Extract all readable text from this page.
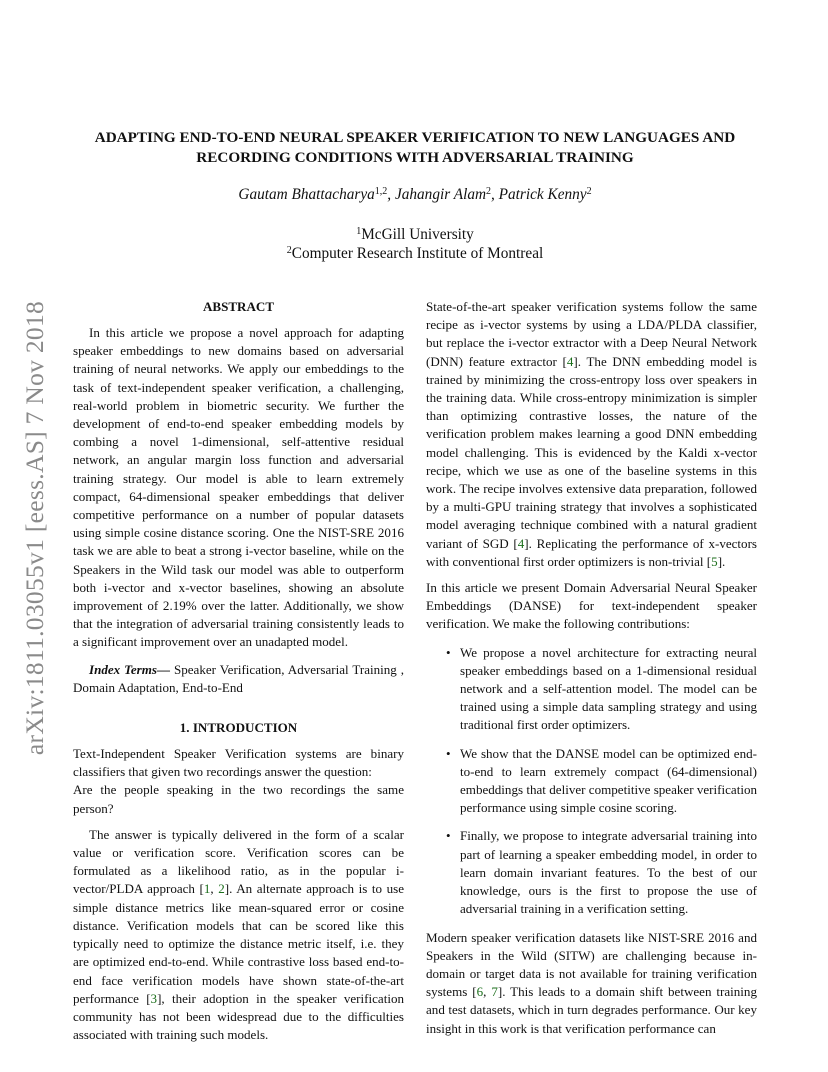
arXiv:1811.03055v1 [eess.AS] 7 Nov 2018
ADAPTING END-TO-END NEURAL SPEAKER VERIFICATION TO NEW LANGUAGES AND
RECORDING CONDITIONS WITH ADVERSARIAL TRAINING

Gautam Bhattacharya$^{1,2}$, Jahangir Alam$^2$, Patrick Kenny$^2$

$^1$McGill University

$^2$Computer Research Institute of Montreal

ABSTRACT

In this article we propose a novel approach for adapting speaker embeddings to new domains based on adversarial training of neural networks. We apply our embeddings to the task of text-independent speaker verification, a challenging, real-world problem in biometric security. We further the development of end-to-end speaker embedding models by combing a novel 1-dimensional, self-attentive residual network, an angular margin loss function and adversarial training strategy. Our model is able to learn extremely compact, 64-dimensional speaker embeddings that deliver competitive performance on a number of popular datasets using simple cosine distance scoring. One the NIST-SRE 2016 task we are able to beat a strong i-vector baseline, while on the Speakers in the Wild task our model was able to outperform both i-vector and x-vector baselines, showing an absolute improvement of 2.19% over the latter. Additionally, we show that the integration of adversarial training consistently leads to a significant improvement over an unadapted model.

Index Terms— Speaker Verification, Adversarial Training , Domain Adaptation, End-to-End

1. INTRODUCTION

Text-Independent Speaker Verification systems are binary classifiers that given two recordings answer the question:
Are the people speaking in the two recordings the same person?

The answer is typically delivered in the form of a scalar value or verification score. Verification scores can be formulated as a likelihood ratio, as in the popular i-vector/PLDA approach [1, 2]. An alternate approach is to use simple distance metrics like mean-squared error or cosine distance. Verification models that can be scored like this typically need to optimize the distance metric itself, i.e. they are optimized end-to-end. While contrastive loss based end-to-end face verification models have shown state-of-the-art performance [3], their adoption in the speaker verification community has not been widespread due to the difficulties associated with training such models.

State-of-the-art speaker verification systems follow the same recipe as i-vector systems by using a LDA/PLDA classifier, but replace the i-vector extractor with a Deep Neural Network (DNN) feature extractor [4]. The DNN embedding model is trained by minimizing the cross-entropy loss over speakers in the training data. While cross-entropy minimization is simpler than optimizing contrastive losses, the nature of the verification problem makes learning a good DNN embedding model challenging. This is evidenced by the Kaldi x-vector recipe, which we use as one of the baseline systems in this work. The recipe involves extensive data preparation, followed by a multi-GPU training strategy that involves a sophisticated model averaging technique combined with a natural gradient variant of SGD [4]. Replicating the performance of x-vectors with conventional first order optimizers is non-trivial [5].

In this article we present Domain Adversarial Neural Speaker Embeddings (DANSE) for text-independent speaker verification. We make the following contributions:

• We propose a novel architecture for extracting neural speaker embeddings based on a 1-dimensional residual network and a self-attention model. The model can be trained using a simple data sampling strategy and using traditional first order optimizers.

• We show that the DANSE model can be optimized end-to-end to learn extremely compact (64-dimensional) embeddings that deliver competitive speaker verification performance using simple cosine scoring.

• Finally, we propose to integrate adversarial training into part of learning a speaker embedding model, in order to learn domain invariant features. To the best of our knowledge, ours is the first to propose the use of adversarial training in a verification setting.

Modern speaker verification datasets like NIST-SRE 2016 and Speakers in the Wild (SITW) are challenging because in-domain or target data is not available for training verification systems [6, 7]. This leads to a domain shift between training and test datasets, which in turn degrades performance. Our key insight in this work is that verification performance can
